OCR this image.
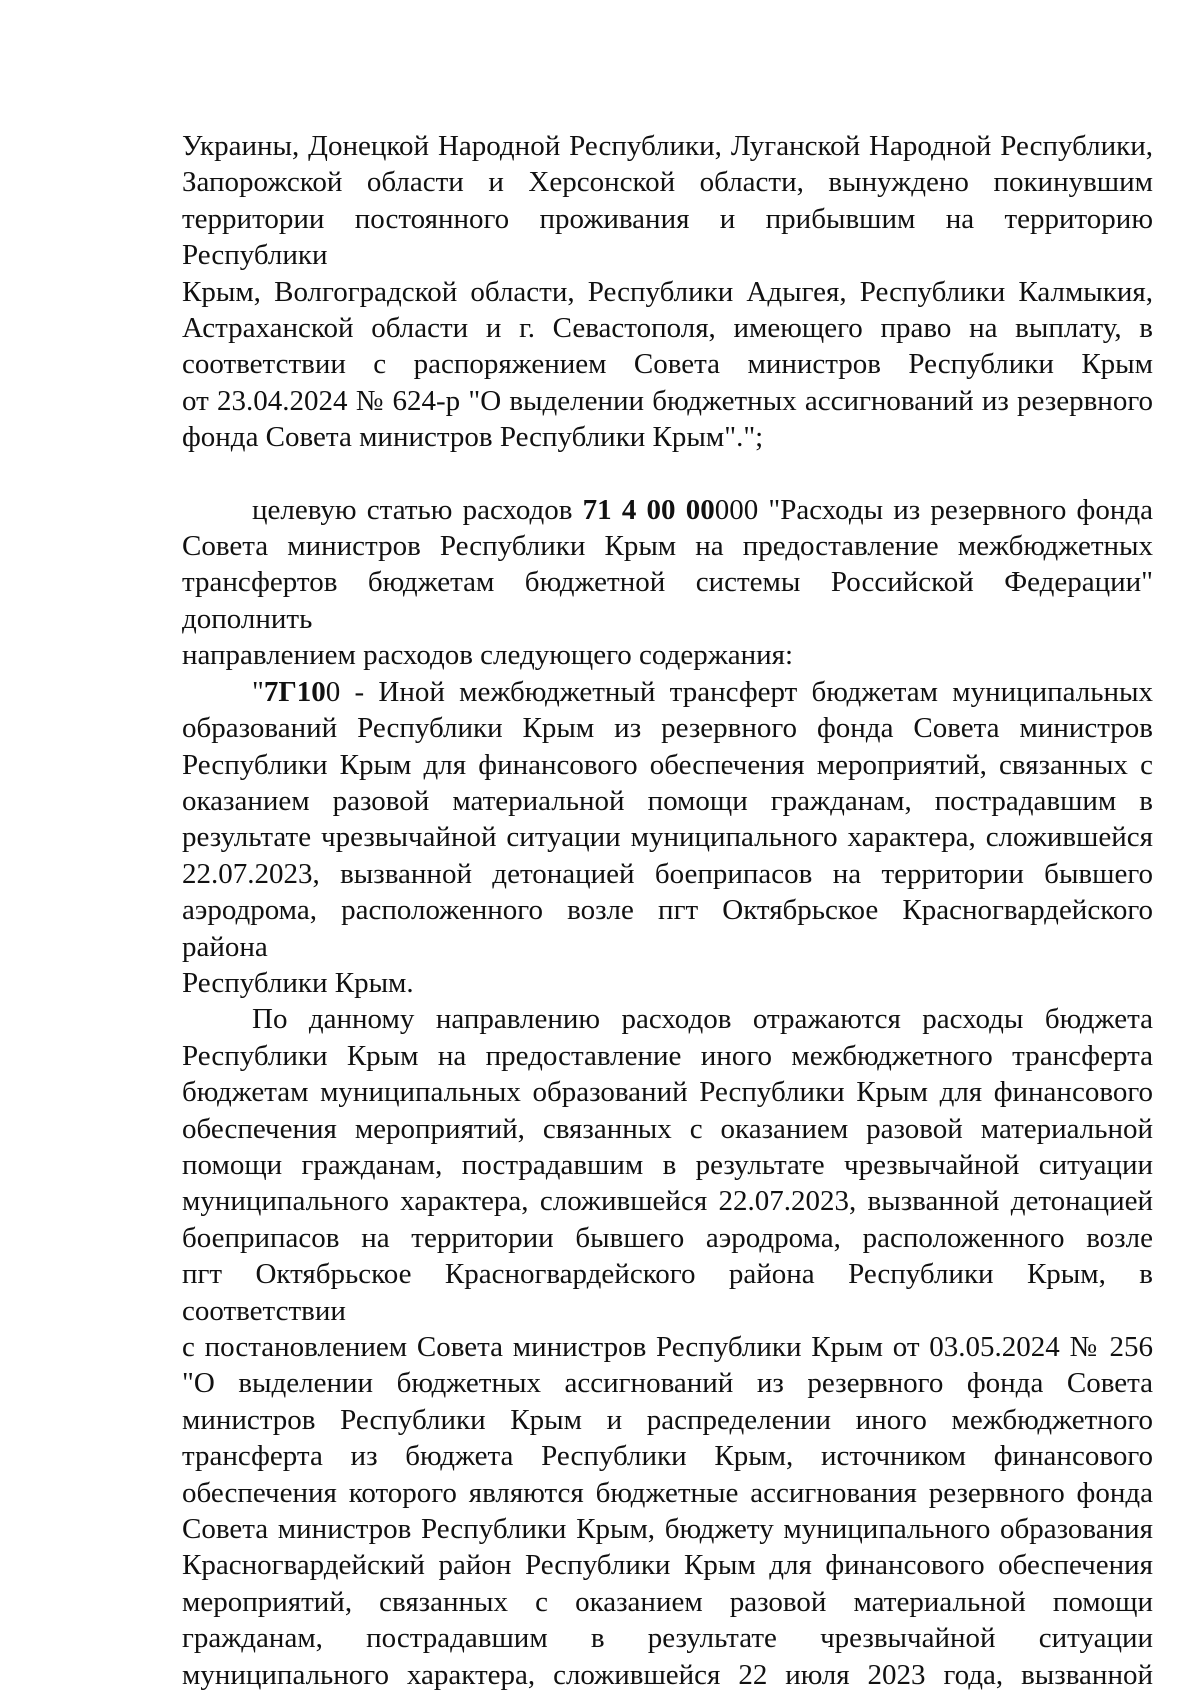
Украины, Донецкой Народной Республики, Луганской Народной Республики,
Запорожской области и Херсонской области, вынуждено покинувшим
территории постоянного проживания и прибывшим на территорию Республики
Крым, Волгоградской области, Республики Адыгея, Республики Калмыкия,
Астраханской области и г. Севастополя, имеющего право на выплату, в
соответствии с распоряжением Совета министров Республики Крым
от 23.04.2024 № 624-р "О выделении бюджетных ассигнований из резервного
фонда Совета министров Республики Крым".";
целевую статью расходов 71 4 00 00000 "Расходы из резервного фонда
Совета министров Республики Крым на предоставление межбюджетных
трансфертов бюджетам бюджетной системы Российской Федерации" дополнить
направлением расходов следующего содержания:
"7Г100 - Иной межбюджетный трансферт бюджетам муниципальных
образований Республики Крым из резервного фонда Совета министров
Республики Крым для финансового обеспечения мероприятий, связанных с
оказанием разовой материальной помощи гражданам, пострадавшим в
результате чрезвычайной ситуации муниципального характера, сложившейся
22.07.2023, вызванной детонацией боеприпасов на территории бывшего
аэродрома, расположенного возле пгт Октябрьское Красногвардейского района
Республики Крым.
По данному направлению расходов отражаются расходы бюджета
Республики Крым на предоставление иного межбюджетного трансферта
бюджетам муниципальных образований Республики Крым для финансового
обеспечения мероприятий, связанных с оказанием разовой материальной
помощи гражданам, пострадавшим в результате чрезвычайной ситуации
муниципального характера, сложившейся 22.07.2023, вызванной детонацией
боеприпасов на территории бывшего аэродрома, расположенного возле
пгт Октябрьское Красногвардейского района Республики Крым, в соответствии
с постановлением Совета министров Республики Крым от 03.05.2024 № 256
"О выделении бюджетных ассигнований из резервного фонда Совета
министров Республики Крым и распределении иного межбюджетного
трансферта из бюджета Республики Крым, источником финансового
обеспечения которого являются бюджетные ассигнования резервного фонда
Совета министров Республики Крым, бюджету муниципального образования
Красногвардейский район Республики Крым для финансового обеспечения
мероприятий, связанных с оказанием разовой материальной помощи
гражданам, пострадавшим в результате чрезвычайной ситуации
муниципального характера, сложившейся 22 июля 2023 года, вызванной
